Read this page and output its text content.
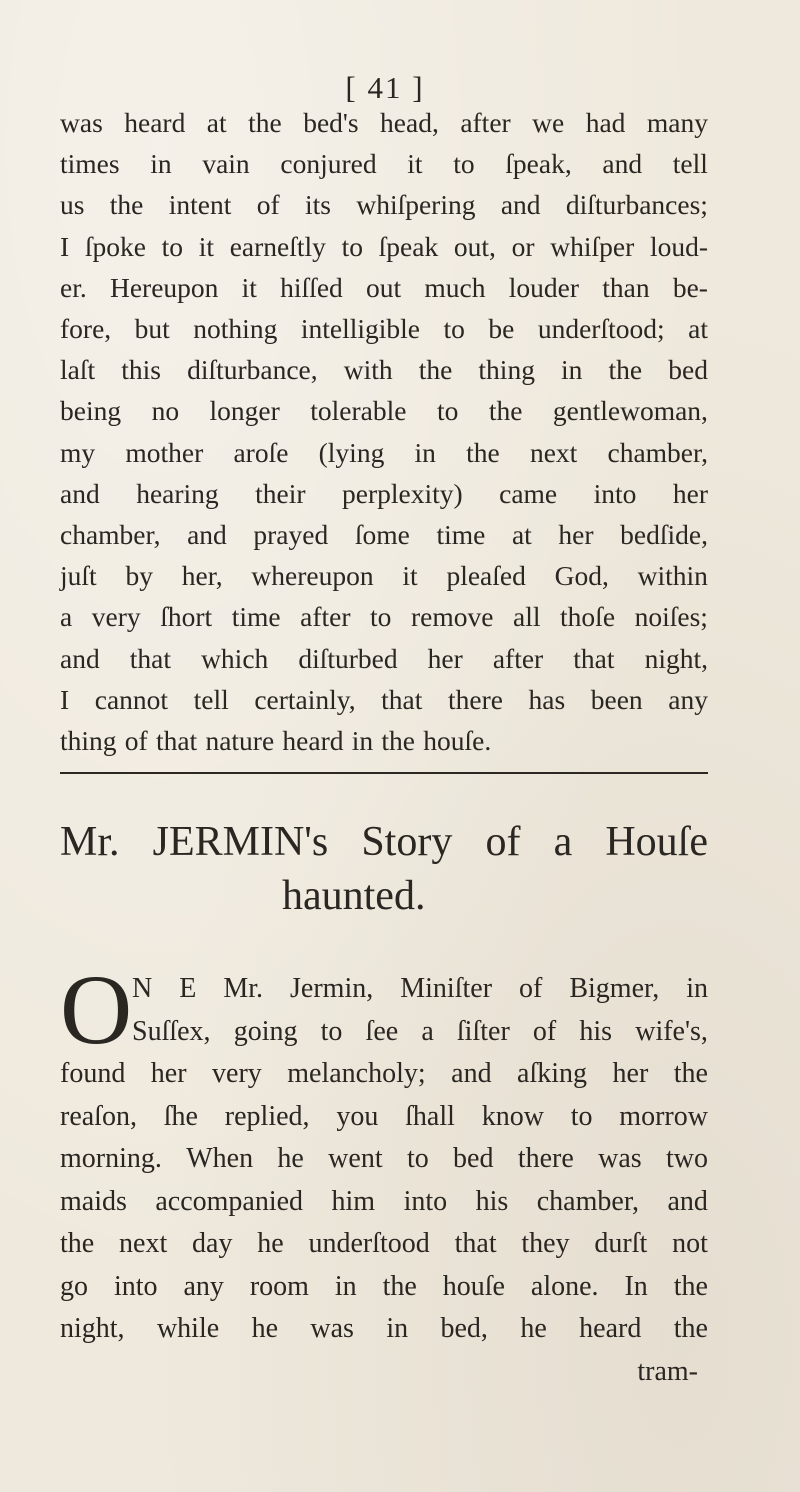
[ 41 ]
was heard at the bed's head, after we had many
times in vain conjured it to ſpeak, and tell
us the intent of its whiſpering and diſturbances;
I ſpoke to it earneſtly to ſpeak out, or whiſper loud-
er. Hereupon it hiſſed out much louder than be-
fore, but nothing intelligible to be underſtood; at
laſt this diſturbance, with the thing in the bed
being no longer tolerable to the gentlewoman,
my mother aroſe (lying in the next chamber,
and hearing their perplexity) came into her
chamber, and prayed ſome time at her bedſide,
juſt by her, whereupon it pleaſed God, within
a very ſhort time after to remove all thoſe noiſes;
and that which diſturbed her after that night,
I cannot tell certainly, that there has been any
thing of that nature heard in the houſe.
Mr. JERMIN's Story of a Houſe
haunted.
O N E Mr. Jermin, Miniſter of Bigmer, in
Suſſex, going to ſee a ſiſter of his wife's,
found her very melancholy; and aſking her the
reaſon, ſhe replied, you ſhall know to morrow
morning. When he went to bed there was two
maids accompanied him into his chamber, and
the next day he underſtood that they durſt not
go into any room in the houſe alone. In the
night, while he was in bed, he heard the
tram-
